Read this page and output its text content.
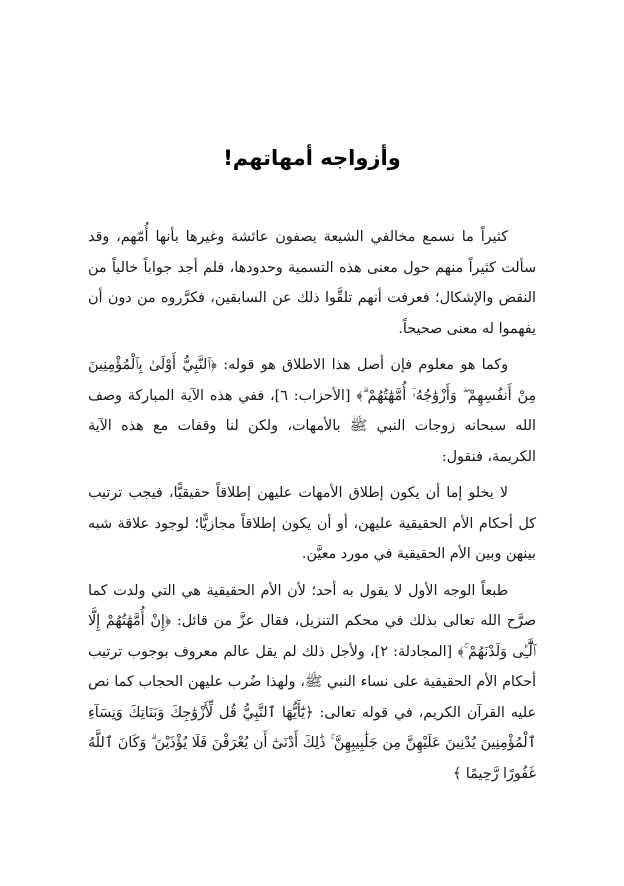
وأزواجه أمهاتهم!

كثيراً ما نسمع مخالفي الشيعة يصفون عائشة وغيرها بأنها أُمّهم، وقد سألت كثيراً منهم حول معنى هذه التسمية وحدودها، فلم أجد جواباً خالياً من النقض والإشكال؛ فعرفت أنهم تلقَّوا ذلك عن السابقين، فكرَّروه من دون أن يفهموا له معنى صحيحاً.

وكما هو معلوم فإن أصل هذا الاطلاق هو قوله: ﴿ٱلنَّبِيُّ أَوْلَىٰ بِٱلْمُؤْمِنِينَ مِنْ أَنفُسِهِمْ ۖ وَأَزْوَٰجُهُۥٓ أُمَّهَٰتُهُمْ ۗ﴾ [الأحزاب: ٦]، ففي هذه الآية المباركة وصف الله سبحانه زوجات النبي ﷺ بالأمهات، ولكن لنا وقفات مع هذه الآية الكريمة، فنقول:

لا يخلو إما أن يكون إطلاق الأمهات عليهن إطلاقاً حقيقيًّا، فيجب ترتيب كل أحكام الأم الحقيقية عليهن، أو أن يكون إطلاقاً مجازيًّا؛ لوجود علاقة شبه بينهن وبين الأم الحقيقية في مورد معيَّن.

طبعاً الوجه الأول لا يقول به أحد؛ لأن الأم الحقيقية هي التي ولدت كما صرَّح الله تعالى بذلك في محكم التنزيل، فقال عزَّ من قائل: ﴿إِنْ أُمَّهَٰتُهُمْ إِلَّا ٱلَّٰٓـِٔى وَلَدْنَهُمْ ۚ﴾ [المجادلة: ٢]، ولأجل ذلك لم يقل عالم معروف بوجوب ترتيب أحكام الأم الحقيقية على نساء النبي ﷺ، ولهذا ضُرب عليهن الحجاب كما نص عليه القرآن الكريم، في قوله تعالى: ﴿يَٰٓأَيُّهَا ٱلنَّبِيُّ قُل لِّأَزْوَٰجِكَ وَبَنَاتِكَ وَنِسَآءِ ٱلْمُؤْمِنِينَ يُدْنِينَ عَلَيْهِنَّ مِن جَلَٰبِيبِهِنَّ ۚ ذَٰلِكَ أَدْنَىٰٓ أَن يُعْرَفْنَ فَلَا يُؤْذَيْنَ ۗ وَكَانَ ٱللَّهُ غَفُورًا رَّحِيمًا ﴾
